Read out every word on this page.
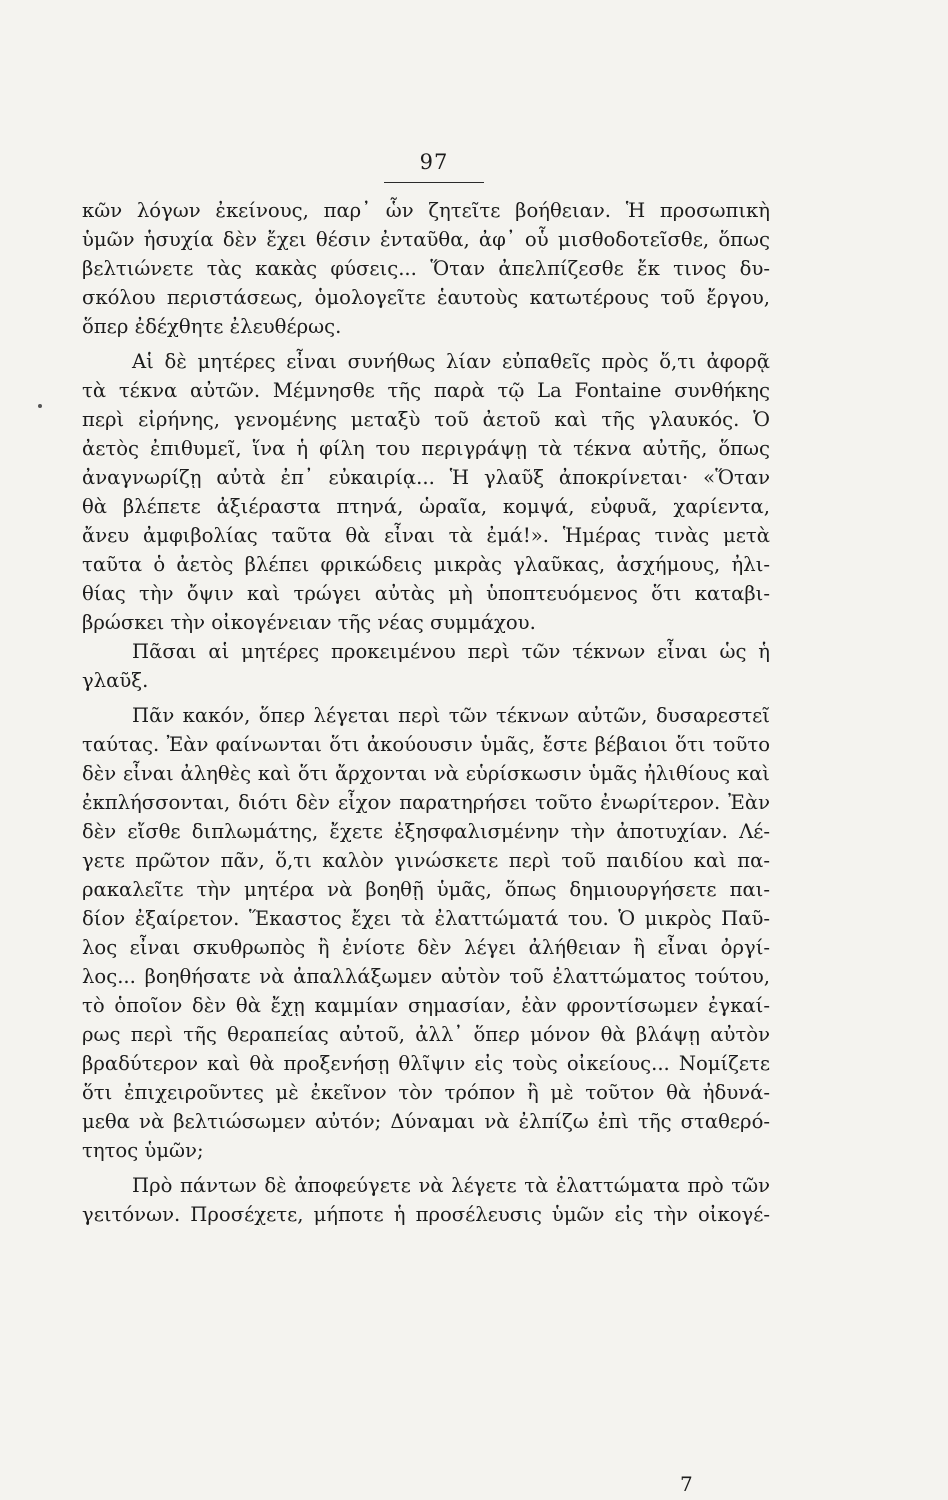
97
κῶν λόγων ἐκείνους, παρ᾽ ὧν ζητεῖτε βοήθειαν. Ἡ προσωπικὴ
ὑμῶν ἡσυχία δὲν ἔχει θέσιν ἐνταῦθα, ἀφ᾽ οὗ μισθοδοτεῖσθε, ὅπως
βελτιώνετε τὰς κακὰς φύσεις... Ὅταν ἀπελπίζεσθε ἔκ τινος δυ-
σκόλου περιστάσεως, ὁμολογεῖτε ἑαυτοὺς κατωτέρους τοῦ ἔργου,
ὅπερ ἐδέχθητε ἐλευθέρως.
Αἱ δὲ μητέρες εἶναι συνήθως λίαν εὐπαθεῖς πρὸς ὅ,τι ἀφορᾷ
τὰ τέκνα αὐτῶν. Μέμνησθε τῆς παρὰ τῷ La Fontaine συνθήκης
περὶ εἰρήνης, γενομένης μεταξὺ τοῦ ἀετοῦ καὶ τῆς γλαυκός. Ὁ
ἀετὸς ἐπιθυμεῖ, ἵνα ἡ φίλη του περιγράψῃ τὰ τέκνα αὐτῆς, ὅπως
ἀναγνωρίζῃ αὐτὰ ἐπ᾽ εὐκαιρίᾳ... Ἡ γλαῦξ ἀποκρίνεται· «Ὅταν
θὰ βλέπετε ἀξιέραστα πτηνά, ὡραῖα, κομψά, εὐφυᾶ, χαρίεντα,
ἄνευ ἀμφιβολίας ταῦτα θὰ εἶναι τὰ ἐμά!». Ἡμέρας τινὰς μετὰ
ταῦτα ὁ ἀετὸς βλέπει φρικώδεις μικρὰς γλαῦκας, ἀσχήμους, ἠλι-
θίας τὴν ὄψιν καὶ τρώγει αὐτὰς μὴ ὑποπτευόμενος ὅτι καταβι-
βρώσκει τὴν οἰκογένειαν τῆς νέας συμμάχου.
Πᾶσαι αἱ μητέρες προκειμένου περὶ τῶν τέκνων εἶναι ὡς ἡ
γλαῦξ.
Πᾶν κακόν, ὅπερ λέγεται περὶ τῶν τέκνων αὐτῶν, δυσαρεστεῖ
ταύτας. Ἐὰν φαίνωνται ὅτι ἀκούουσιν ὑμᾶς, ἔστε βέβαιοι ὅτι τοῦτο
δὲν εἶναι ἀληθὲς καὶ ὅτι ἄρχονται νὰ εὑρίσκωσιν ὑμᾶς ἠλιθίους καὶ
ἐκπλήσσονται, διότι δὲν εἶχον παρατηρήσει τοῦτο ἐνωρίτερον. Ἐὰν
δὲν εἴσθε διπλωμάτης, ἔχετε ἐξησφαλισμένην τὴν ἀποτυχίαν. Λέ-
γετε πρῶτον πᾶν, ὅ,τι καλὸν γινώσκετε περὶ τοῦ παιδίου καὶ πα-
ρακαλεῖτε τὴν μητέρα νὰ βοηθῇ ὑμᾶς, ὅπως δημιουργήσετε παι-
δίον ἐξαίρετον. Ἕκαστος ἔχει τὰ ἐλαττώματά του. Ὁ μικρὸς Παῦ-
λος εἶναι σκυθρωπὸς ἢ ἐνίοτε δὲν λέγει ἀλήθειαν ἢ εἶναι ὀργί-
λος... βοηθήσατε νὰ ἀπαλλάξωμεν αὐτὸν τοῦ ἐλαττώματος τούτου,
τὸ ὁποῖον δὲν θὰ ἔχῃ καμμίαν σημασίαν, ἐὰν φροντίσωμεν ἐγκαί-
ρως περὶ τῆς θεραπείας αὐτοῦ, ἀλλ᾽ ὅπερ μόνον θὰ βλάψῃ αὐτὸν
βραδύτερον καὶ θὰ προξενήσῃ θλῖψιν εἰς τοὺς οἰκείους... Νομίζετε
ὅτι ἐπιχειροῦντες μὲ ἐκεῖνον τὸν τρόπον ἢ μὲ τοῦτον θὰ ἠδυνά-
μεθα νὰ βελτιώσωμεν αὐτόν; Δύναμαι νὰ ἐλπίζω ἐπὶ τῆς σταθερό-
τητος ὑμῶν;
Πρὸ πάντων δὲ ἀποφεύγετε νὰ λέγετε τὰ ἐλαττώματα πρὸ τῶν
γειτόνων. Προσέχετε, μήποτε ἡ προσέλευσις ὑμῶν εἰς τὴν οἰκογέ-
7
